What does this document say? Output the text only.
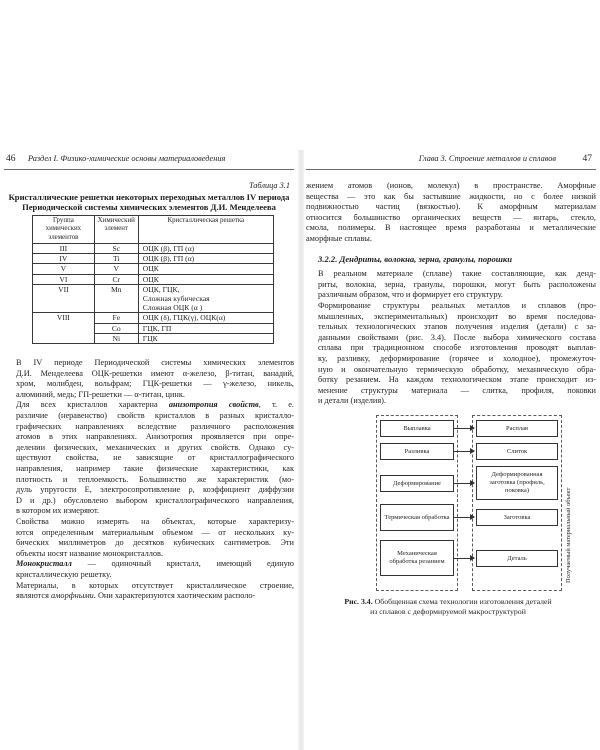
46 Раздел I. Физико-химические основы материаловедения
Таблица 3.1
Кристаллические решетки некоторых переходных металлов IV периода
Периодической системы химических элементов Д.И. Менделеева
Группа химических элементов	Химический элемент	Кристаллическая решетка
III	Sc	ОЦК (β), ГП (α)

IV	Ti	ОЦК (β), ГП (α)

V	V	ОЦК

VI	Cr	ОЦК

VII	Mn	ОЦК, ГЦК,
Сложная кубическая
Сложная ОЦК (α )

VIII	Fe	ОЦК (δ), ГЦК(γ), ОЦК(α)

	Co	ГЦК, ГП

	Ni	ГЦК

В IV периоде Периодической системы химических элементов
Д.И. Менделеева ОЦК-решетки имеют α-железо, β-титан, ванадий,
хром, молибден, вольфрам; ГЦК-решетки — γ-железо, никель,
алюминий, медь; ГП-решетки — α-титан, цинк.

Для всех кристаллов характерна анизотропия свойств, т. е.
различие (неравенство) свойств кристаллов в разных кристалло-
графических направлениях вследствие различного расположения
атомов в этих направлениях. Анизотропия проявляется при опре-
делении физических, механических и других свойств. Однако су-
ществуют свойства, не зависящие от кристаллографического
направления, например такие физические характеристики, как
плотность и теплоемкость. Большинство же характеристик (мо-
дуль упругости E, электросопротивление ρ, коэффициент диффузии
D и др.) обусловлено выбором кристаллографического направления,
в котором их измеряют.

Свойства можно измерять на объектах, которые характеризу-
ются определенным материальным объемом — от нескольких ку-
бических миллиметров до десятков кубических сантиметров. Эти
объекты носят название монокристаллов.

Монокристалл — одиночный кристалл, имеющий единую
кристаллическую решетку.

Материалы, в которых отсутствует кристаллическое строение,
являются аморфными. Они характеризуются хаотическим располо-

Глава 3. Строение металлов и сплавов	47

жением атомов (ионов, молекул) в пространстве. Аморфные
вещества — это как бы застывшие жидкости, но с более низкой
подвижностью частиц (вязкостью). К аморфным материалам
относится большинство органических веществ — янтарь, стекло,
смола, полимеры. В настоящее время разработаны и металлические
аморфные сплавы.

3.2.2. Дендриты, волокна, зерна, гранулы, порошки

В реальном материале (сплаве) такие составляющие, как денд-
риты, волокна, зерна, гранулы, порошки, могут быть расположены
различным образом, что и формирует его структуру.

Формирование структуры реальных металлов и сплавов (про-
мышленных, экспериментальных) происходит во время последова-
тельных технологических этапов получения изделия (детали) с за-
данными свойствами (рис. 3.4). После выбора химического состава
сплава при традиционном способе изготовления проводят выплав-
ку, разливку, деформирование (горячее и холодное), промежуточ-
ную и окончательную термическую обработку, механическую обра-
ботку резанием. На каждом технологическом этапе происходит из-
менение структуры материала — слитка, профиля, поковки
и детали (изделия).

Выплавка
Разливка
Деформирование
Термическая обработка
Механическая обработка резанием
Расплав
Слиток
Деформированная заготовка (профиль, поковка)
Заготовка
Деталь	Получаемый материальный объект
Рис. 3.4. Обобщенная схема технологии изготовления деталей
из сплавов с деформируемой макроструктурой
